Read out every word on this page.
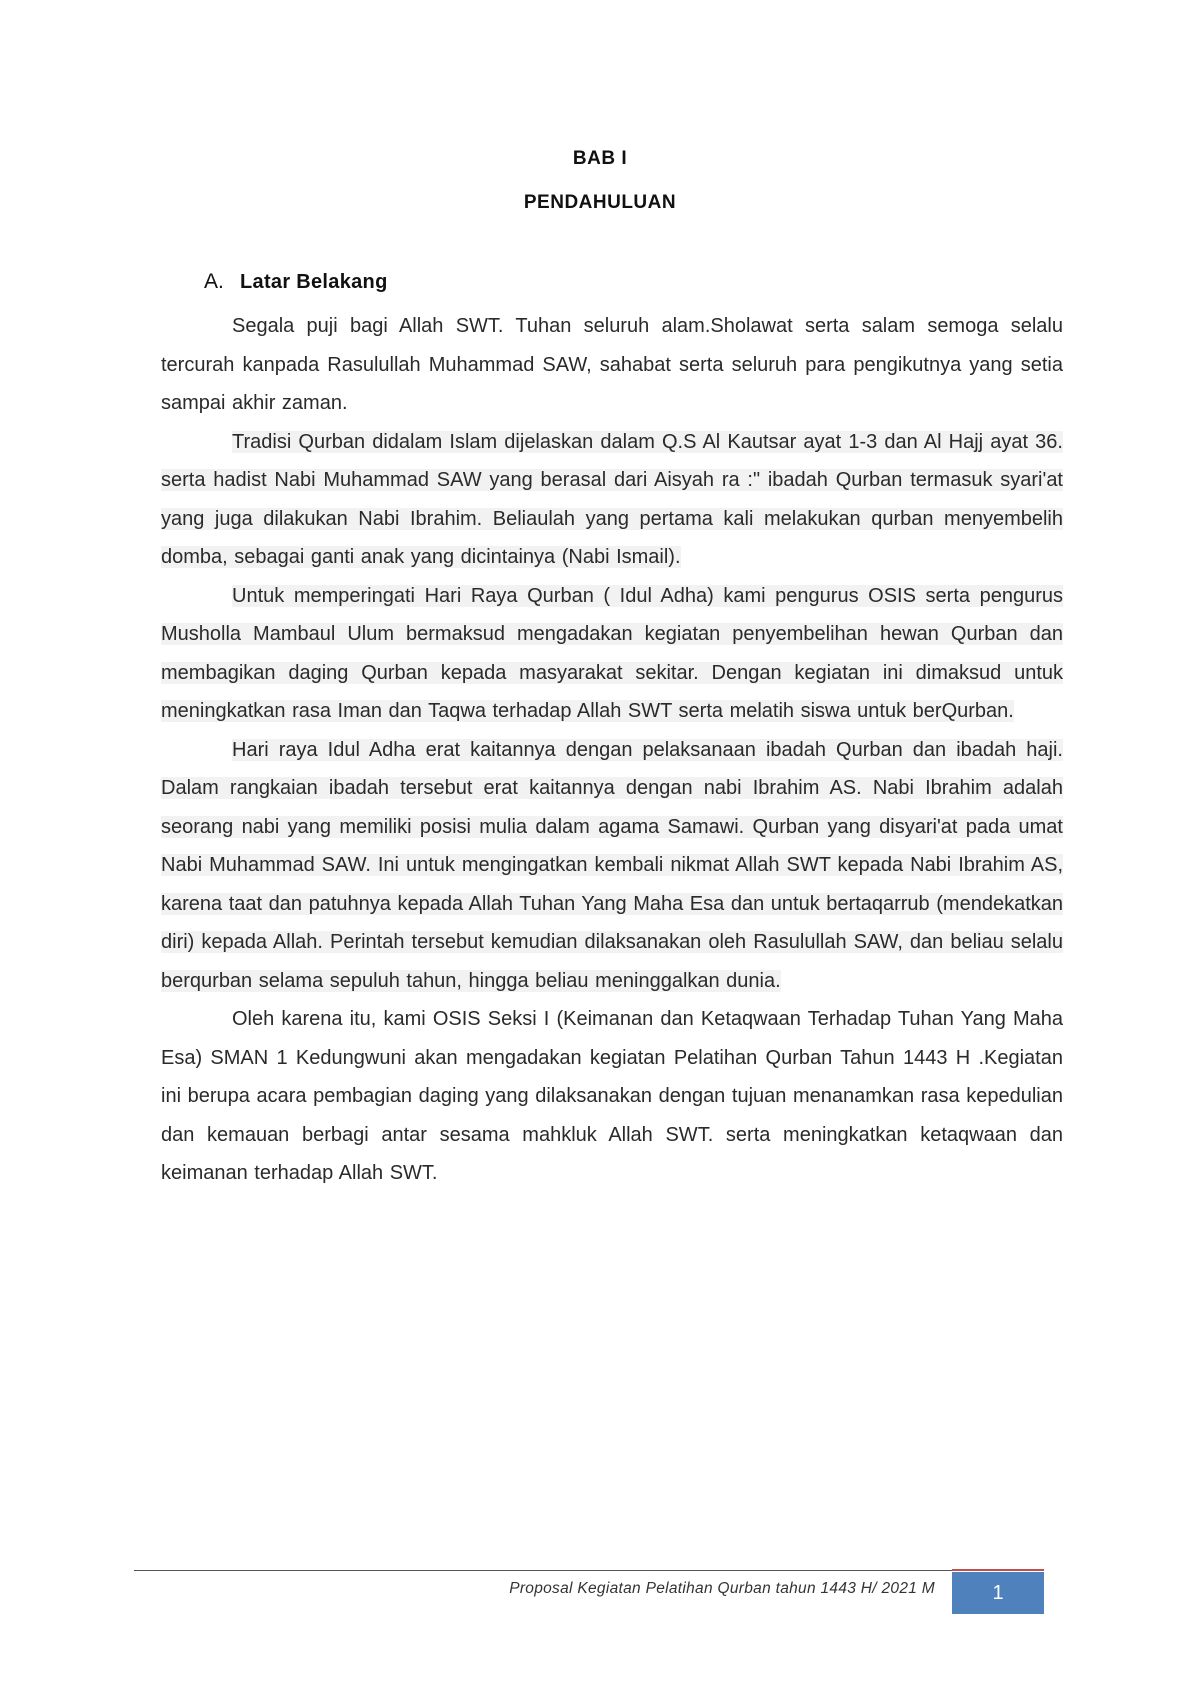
BAB I
PENDAHULUAN
A. Latar Belakang

Segala puji bagi Allah SWT. Tuhan seluruh alam.Sholawat serta salam semoga selalu tercurah kanpada Rasulullah Muhammad SAW, sahabat serta seluruh para pengikutnya yang setia sampai akhir zaman.

Tradisi Qurban didalam Islam dijelaskan dalam Q.S Al Kautsar ayat 1-3 dan Al Hajj ayat 36. serta hadist Nabi Muhammad SAW yang berasal dari Aisyah ra :" ibadah Qurban termasuk syari'at yang juga dilakukan Nabi Ibrahim. Beliaulah yang pertama kali melakukan qurban menyembelih domba, sebagai ganti anak yang dicintainya (Nabi Ismail).

Untuk memperingati Hari Raya Qurban ( Idul Adha) kami pengurus OSIS serta pengurus Musholla Mambaul Ulum bermaksud mengadakan kegiatan penyembelihan hewan Qurban dan membagikan daging Qurban kepada masyarakat sekitar. Dengan kegiatan ini dimaksud untuk meningkatkan rasa Iman dan Taqwa terhadap Allah SWT serta melatih siswa untuk berQurban.

Hari raya Idul Adha erat kaitannya dengan pelaksanaan ibadah Qurban dan ibadah haji. Dalam rangkaian ibadah tersebut erat kaitannya dengan nabi Ibrahim AS. Nabi Ibrahim adalah seorang nabi yang memiliki posisi mulia dalam agama Samawi. Qurban yang disyari'at pada umat Nabi Muhammad SAW. Ini untuk mengingatkan kembali nikmat Allah SWT kepada Nabi Ibrahim AS, karena taat dan patuhnya kepada Allah Tuhan Yang Maha Esa dan untuk bertaqarrub (mendekatkan diri) kepada Allah. Perintah tersebut kemudian dilaksanakan oleh Rasulullah SAW, dan beliau selalu berqurban selama sepuluh tahun, hingga beliau meninggalkan dunia.

Oleh karena itu, kami OSIS Seksi I (Keimanan dan Ketaqwaan Terhadap Tuhan Yang Maha Esa) SMAN 1 Kedungwuni akan mengadakan kegiatan Pelatihan Qurban Tahun 1443 H .Kegiatan ini berupa acara pembagian daging yang dilaksanakan dengan tujuan menanamkan rasa kepedulian dan kemauan berbagi antar sesama mahkluk Allah SWT. serta meningkatkan ketaqwaan dan keimanan terhadap Allah SWT.

Proposal Kegiatan Pelatihan Qurban tahun 1443 H/ 2021 M	1
